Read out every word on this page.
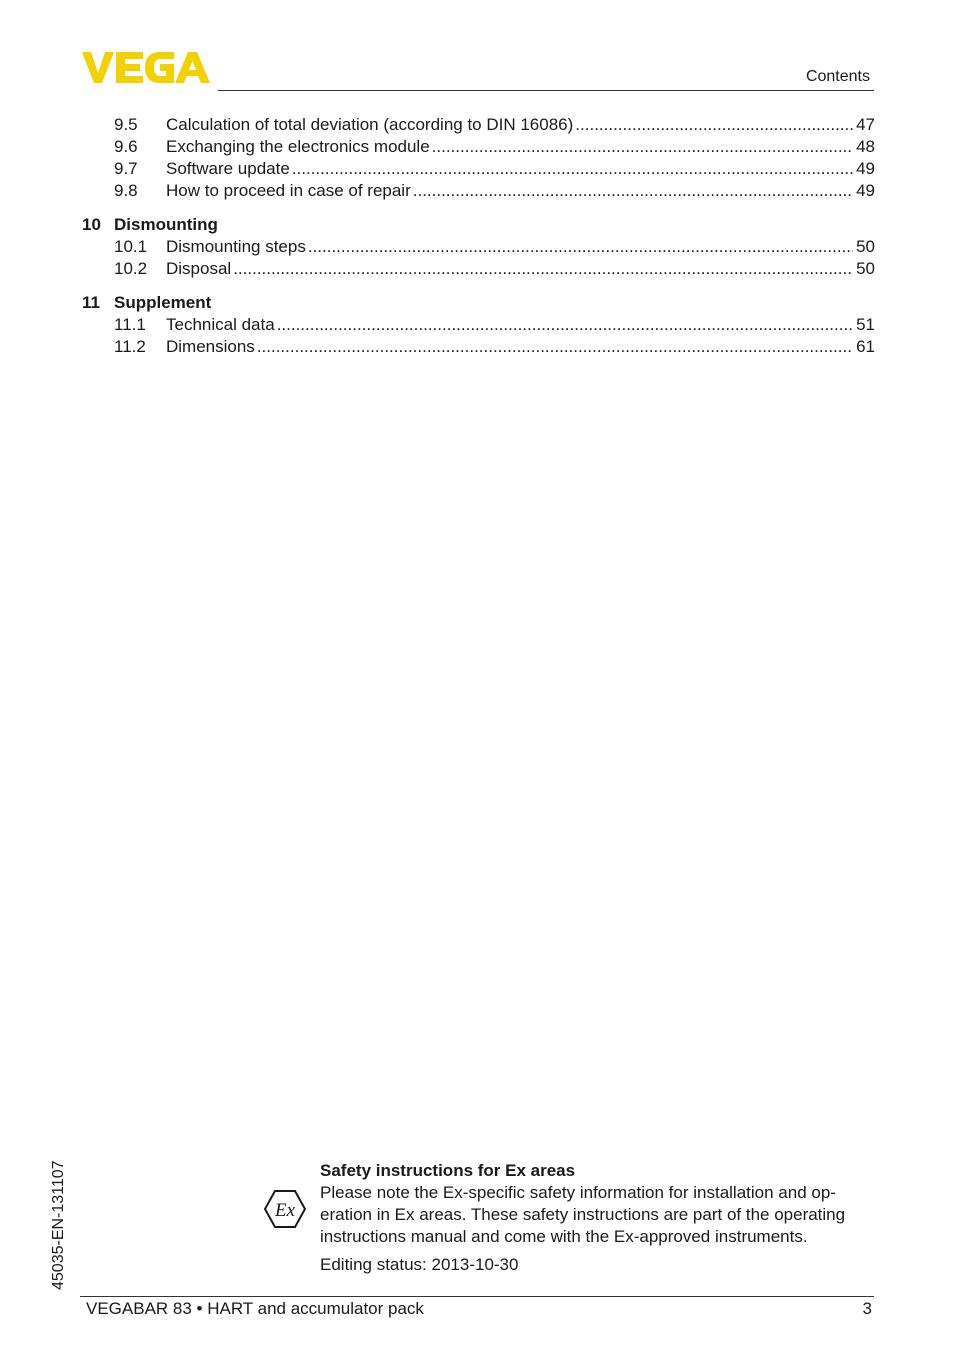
Contents
9.5	Calculation of total deviation (according to DIN 16086) .....	47
9.6	Exchanging the electronics module .....	48
9.7	Software update .....	49
9.8	How to proceed in case of repair .....	49
10 Dismounting
10.1	Dismounting steps .....	50
10.2	Disposal .....	50
11 Supplement
11.1	Technical data .....	51
11.2	Dimensions .....	61
45035-EN-131107	Ex
Safety instructions for Ex areas
Please note the Ex-specific safety information for installation and op-
eration in Ex areas. These safety instructions are part of the operating
instructions manual and come with the Ex-approved instruments.
Editing status: 2013-10-30
VEGABAR 83 • HART and accumulator pack	3
